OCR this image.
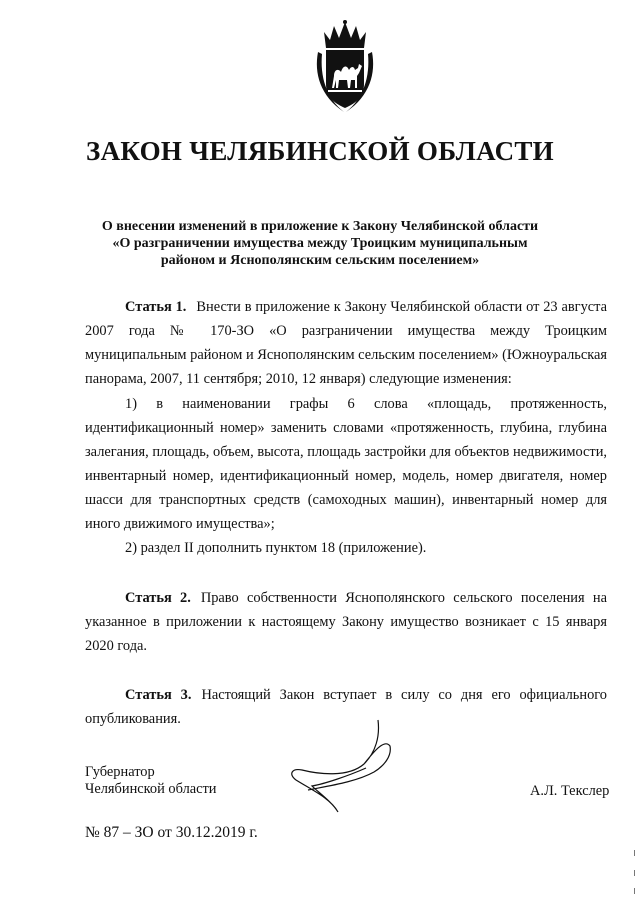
ЗАКОН ЧЕЛЯБИНСКОЙ ОБЛАСТИ
О внесении изменений в приложение к Закону Челябинской области
«О разграничении имущества между Троицким муниципальным
районом и Яснополянским сельским поселением»
Статья 1. Внести в приложение к Закону Челябинской области от 23 августа 2007 года № 170-ЗО «О разграничении имущества между Троицким муниципальным районом и Яснополянским сельским поселением» (Южноуральская панорама, 2007, 11 сентября; 2010, 12 января) следующие изменения:
1) в наименовании графы 6 слова «площадь, протяженность, идентификационный номер» заменить словами «протяженность, глубина, глубина залегания, площадь, объем, высота, площадь застройки для объектов недвижимости, инвентарный номер, идентификационный номер, модель, номер двигателя, номер шасси для транспортных средств (самоходных машин), инвентарный номер для иного движимого имущества»;
2) раздел II дополнить пунктом 18 (приложение).
Статья 2. Право собственности Яснополянского сельского поселения на указанное в приложении к настоящему Закону имущество возникает с 15 января 2020 года.
Статья 3. Настоящий Закон вступает в силу со дня его официального опубликования.
Губернатор
Челябинской области	А.Л. Текслер
№ 87 – ЗО от 30.12.2019 г.
